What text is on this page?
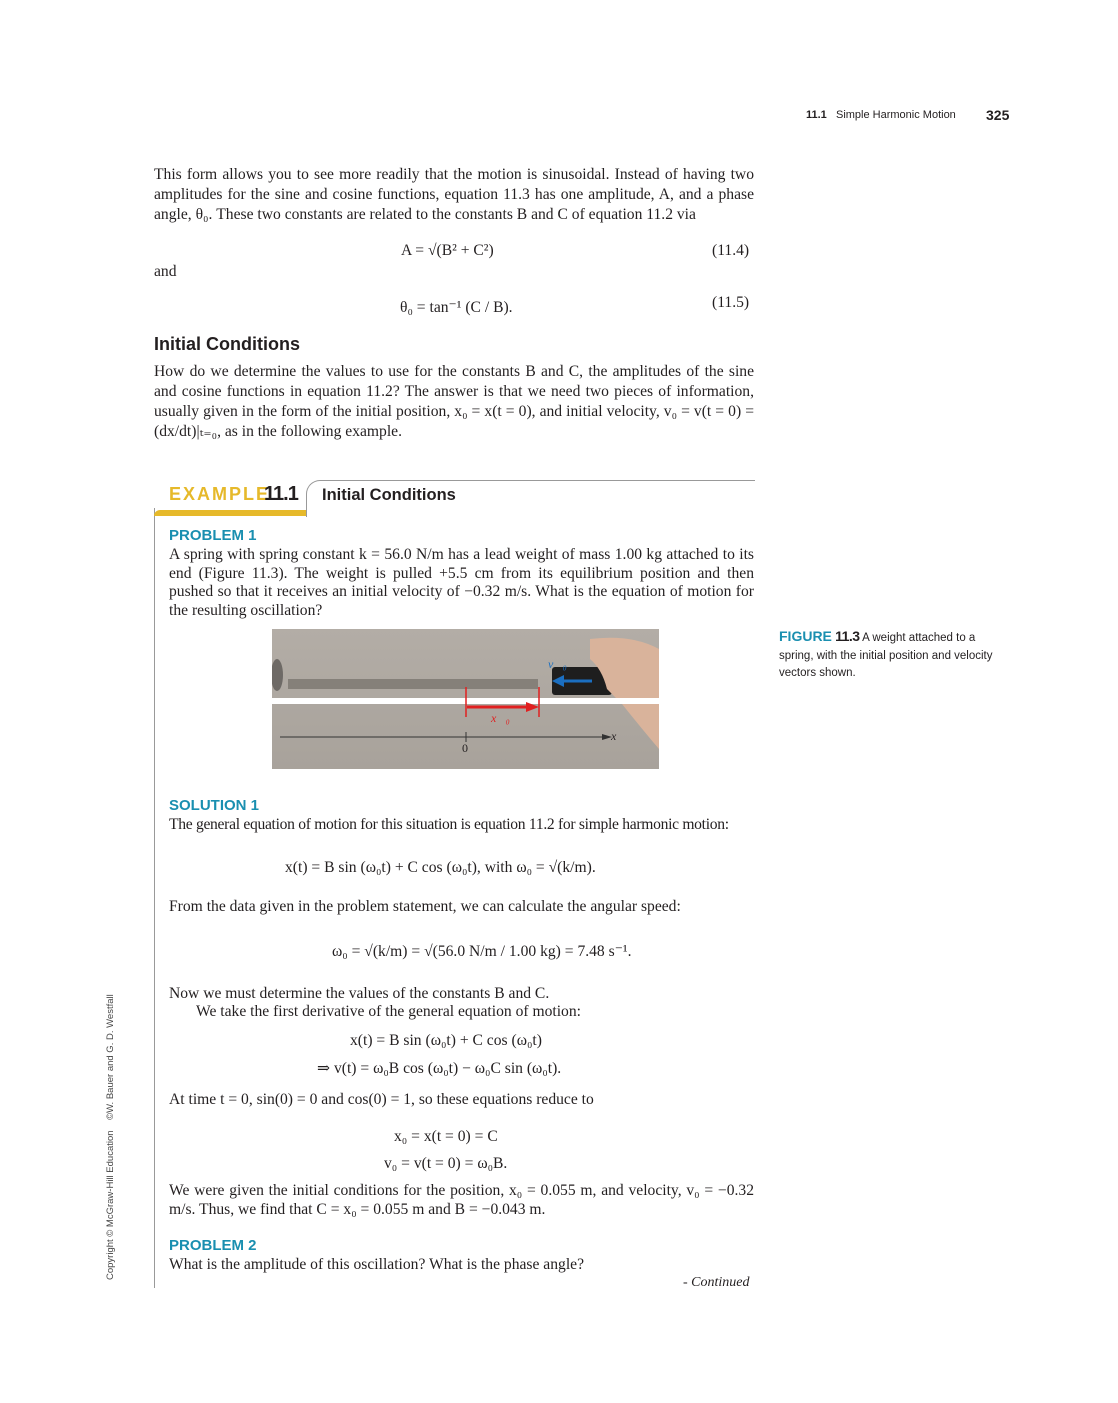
11.1 Simple Harmonic Motion 325
This form allows you to see more readily that the motion is sinusoidal. Instead of having two amplitudes for the sine and cosine functions, equation 11.3 has one amplitude, A, and a phase angle, θ₀. These two constants are related to the constants B and C of equation 11.2 via
A = √(B² + C²)	(11.4)
and
θ₀ = tan⁻¹ (C / B).	(11.5)
Initial Conditions
How do we determine the values to use for the constants B and C, the amplitudes of the sine and cosine functions in equation 11.2? The answer is that we need two pieces of information, usually given in the form of the initial position, x₀ = x(t = 0), and initial velocity, v₀ = v(t = 0) = (dx/dt)|ₜ₌₀, as in the following example.
EXAMPLE
11.1 Initial Conditions
PROBLEM 1
A spring with spring constant k = 56.0 N/m has a lead weight of mass 1.00 kg attached to its end (Figure 11.3). The weight is pulled +5.5 cm from its equilibrium position and then pushed so that it receives an initial velocity of −0.32 m/s. What is the equation of motion for the resulting oscillation?
v⃗₀
x⃗₀
x
0
FIGURE 11.3 A weight attached to a spring, with the initial position and velocity vectors shown.
SOLUTION 1
The general equation of motion for this situation is equation 11.2 for simple harmonic motion:
x(t) = B sin (ω₀t) + C cos (ω₀t), with ω₀ = √(k/m).
From the data given in the problem statement, we can calculate the angular speed:
ω₀ = √(k/m) = √(56.0 N/m / 1.00 kg) = 7.48 s⁻¹.
Now we must determine the values of the constants B and C.
We take the first derivative of the general equation of motion:
x(t) = B sin (ω₀t) + C cos (ω₀t)
⇒ v(t) = ω₀B cos (ω₀t) − ω₀C sin (ω₀t).
At time t = 0, sin(0) = 0 and cos(0) = 1, so these equations reduce to
x₀ = x(t = 0) = C
v₀ = v(t = 0) = ω₀B.
We were given the initial conditions for the position, x₀ = 0.055 m, and velocity, v₀ = −0.32 m/s. Thus, we find that C = x₀ = 0.055 m and B = −0.043 m.
PROBLEM 2
What is the amplitude of this oscillation? What is the phase angle?
- Continued
Copyright © McGraw-Hill Education    ©W. Bauer and G. D. Westfall
